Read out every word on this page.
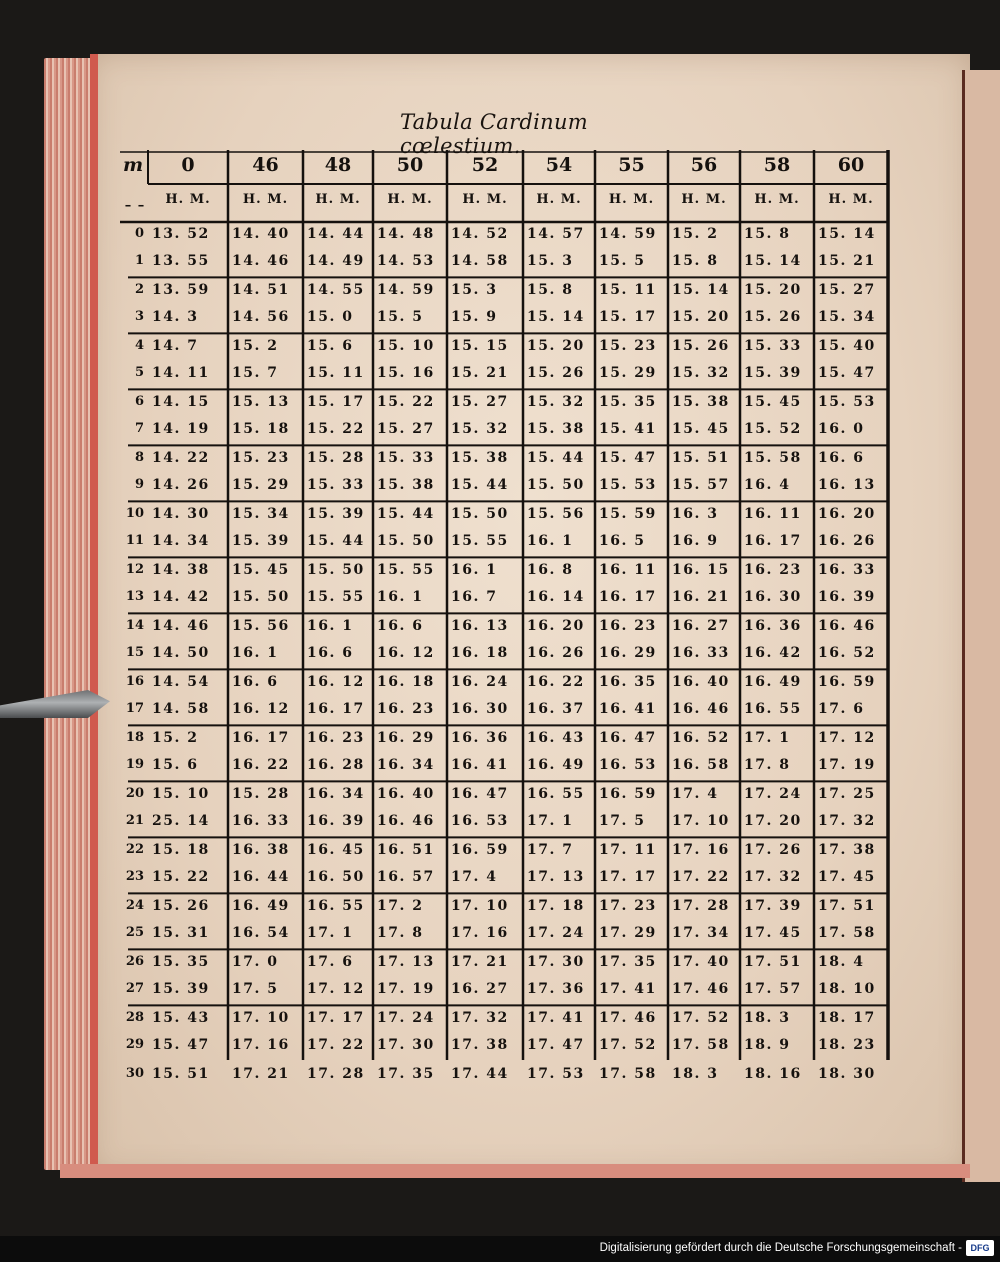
Tabula Cardinum cœlestium.
m
– –
0
H. M.
46
H. M.
48
H. M.
50
H. M.
52
H. M.
54
H. M.
55
H. M.
56
H. M.
58
H. M.
60
H. M.
0 13. 52 14. 40 14. 44 14. 48 14. 52 14. 57 14. 59 15. 2 15. 8 15. 14
1 13. 55 14. 46 14. 49 14. 53 14. 58 15. 3 15. 5 15. 8 15. 14 15. 21
2 13. 59 14. 51 14. 55 14. 59 15. 3 15. 8 15. 11 15. 14 15. 20 15. 27
3 14. 3 14. 56 15. 0 15. 5 15. 9 15. 14 15. 17 15. 20 15. 26 15. 34
4 14. 7 15. 2 15. 6 15. 10 15. 15 15. 20 15. 23 15. 26 15. 33 15. 40
5 14. 11 15. 7 15. 11 15. 16 15. 21 15. 26 15. 29 15. 32 15. 39 15. 47
6 14. 15 15. 13 15. 17 15. 22 15. 27 15. 32 15. 35 15. 38 15. 45 15. 53
7 14. 19 15. 18 15. 22 15. 27 15. 32 15. 38 15. 41 15. 45 15. 52 16. 0
8 14. 22 15. 23 15. 28 15. 33 15. 38 15. 44 15. 47 15. 51 15. 58 16. 6
9 14. 26 15. 29 15. 33 15. 38 15. 44 15. 50 15. 53 15. 57 16. 4 16. 13
10 14. 30 15. 34 15. 39 15. 44 15. 50 15. 56 15. 59 16. 3 16. 11 16. 20
11 14. 34 15. 39 15. 44 15. 50 15. 55 16. 1 16. 5 16. 9 16. 17 16. 26
12 14. 38 15. 45 15. 50 15. 55 16. 1 16. 8 16. 11 16. 15 16. 23 16. 33
13 14. 42 15. 50 15. 55 16. 1 16. 7 16. 14 16. 17 16. 21 16. 30 16. 39
14 14. 46 15. 56 16. 1 16. 6 16. 13 16. 20 16. 23 16. 27 16. 36 16. 46
15 14. 50 16. 1 16. 6 16. 12 16. 18 16. 26 16. 29 16. 33 16. 42 16. 52
16 14. 54 16. 6 16. 12 16. 18 16. 24 16. 22 16. 35 16. 40 16. 49 16. 59
17 14. 58 16. 12 16. 17 16. 23 16. 30 16. 37 16. 41 16. 46 16. 55 17. 6
18 15. 2 16. 17 16. 23 16. 29 16. 36 16. 43 16. 47 16. 52 17. 1 17. 12
19 15. 6 16. 22 16. 28 16. 34 16. 41 16. 49 16. 53 16. 58 17. 8 17. 19
20 15. 10 15. 28 16. 34 16. 40 16. 47 16. 55 16. 59 17. 4 17. 24 17. 25
21 25. 14 16. 33 16. 39 16. 46 16. 53 17. 1 17. 5 17. 10 17. 20 17. 32
22 15. 18 16. 38 16. 45 16. 51 16. 59 17. 7 17. 11 17. 16 17. 26 17. 38
23 15. 22 16. 44 16. 50 16. 57 17. 4 17. 13 17. 17 17. 22 17. 32 17. 45
24 15. 26 16. 49 16. 55 17. 2 17. 10 17. 18 17. 23 17. 28 17. 39 17. 51
25 15. 31 16. 54 17. 1 17. 8 17. 16 17. 24 17. 29 17. 34 17. 45 17. 58
26 15. 35 17. 0 17. 6 17. 13 17. 21 17. 30 17. 35 17. 40 17. 51 18. 4
27 15. 39 17. 5 17. 12 17. 19 16. 27 17. 36 17. 41 17. 46 17. 57 18. 10
28 15. 43 17. 10 17. 17 17. 24 17. 32 17. 41 17. 46 17. 52 18. 3 18. 17
29 15. 47 17. 16 17. 22 17. 30 17. 38 17. 47 17. 52 17. 58 18. 9 18. 23
30 15. 51 17. 21 17. 28 17. 35 17. 44 17. 53 17. 58 18. 3 18. 16 18. 30
Digitalisierung gefördert durch die Deutsche Forschungsgemeinschaft - DFG
